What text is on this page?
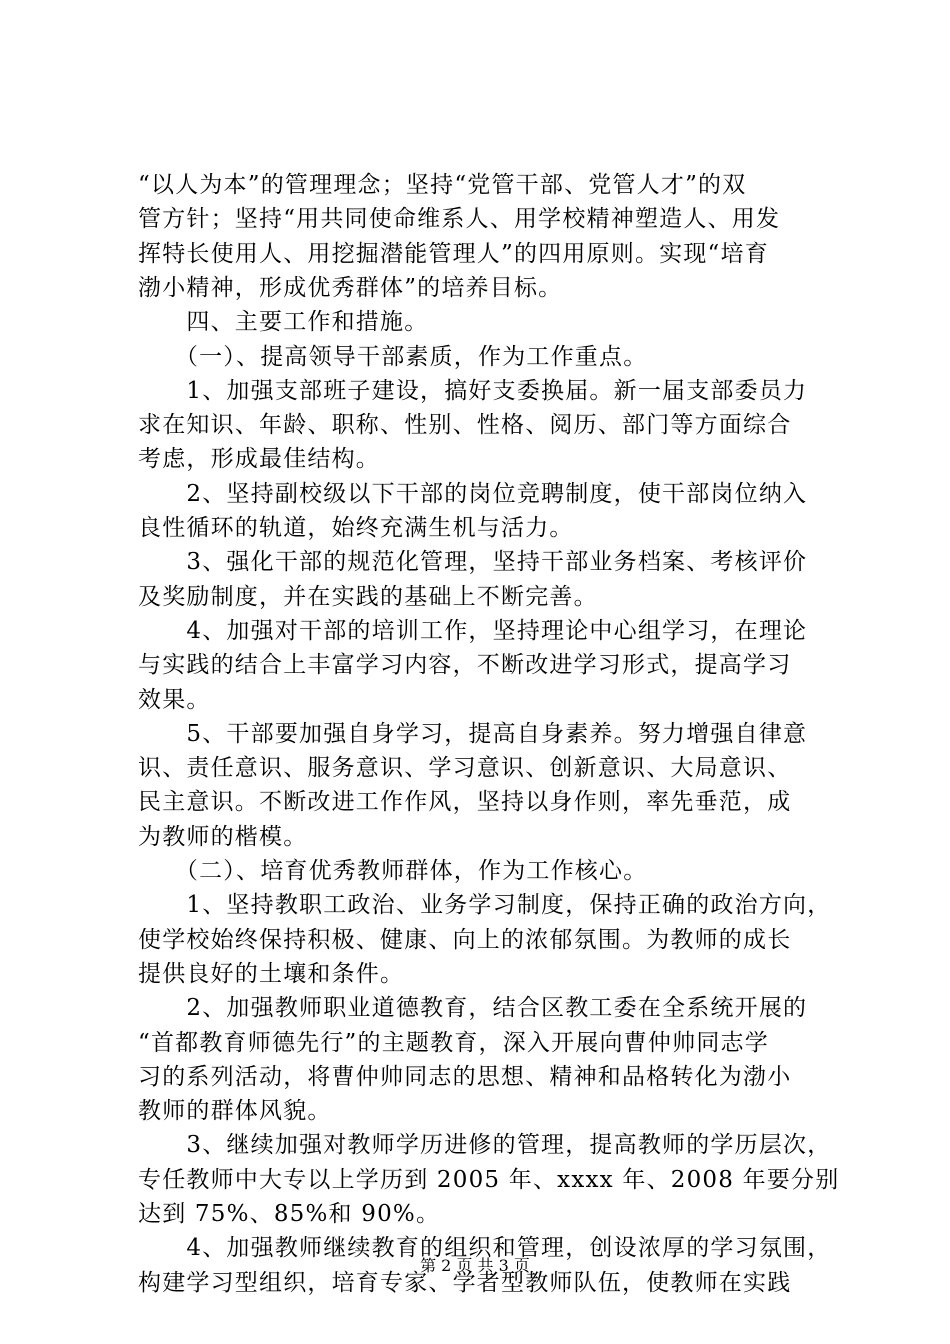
“以人为本”的管理理念；坚持“党管干部、党管人才”的双
管方针；坚持“用共同使命维系人、用学校精神塑造人、用发
挥特长使用人、用挖掘潜能管理人”的四用原则。实现“培育
渤小精神，形成优秀群体”的培养目标。
　　四、主要工作和措施。
　　（一）、提高领导干部素质，作为工作重点。
　　1、加强支部班子建设，搞好支委换届。新一届支部委员力
求在知识、年龄、职称、性别、性格、阅历、部门等方面综合
考虑，形成最佳结构。
　　2、坚持副校级以下干部的岗位竞聘制度，使干部岗位纳入
良性循环的轨道，始终充满生机与活力。
　　3、强化干部的规范化管理，坚持干部业务档案、考核评价
及奖励制度，并在实践的基础上不断完善。
　　4、加强对干部的培训工作，坚持理论中心组学习，在理论
与实践的结合上丰富学习内容，不断改进学习形式，提高学习
效果。
　　5、干部要加强自身学习，提高自身素养。努力增强自律意
识、责任意识、服务意识、学习意识、创新意识、大局意识、
民主意识。不断改进工作作风，坚持以身作则，率先垂范，成
为教师的楷模。
　　（二）、培育优秀教师群体，作为工作核心。
　　1、坚持教职工政治、业务学习制度，保持正确的政治方向，
使学校始终保持积极、健康、向上的浓郁氛围。为教师的成长
提供良好的土壤和条件。
　　2、加强教师职业道德教育，结合区教工委在全系统开展的
“首都教育师德先行”的主题教育，深入开展向曹仲帅同志学
习的系列活动，将曹仲帅同志的思想、精神和品格转化为渤小
教师的群体风貌。
　　3、继续加强对教师学历进修的管理，提高教师的学历层次，
专任教师中大专以上学历到 2005 年、xxxx 年、2008 年要分别
达到 75%、85%和 90%。
　　4、加强教师继续教育的组织和管理，创设浓厚的学习氛围，
构建学习型组织，培育专家、学者型教师队伍，使教师在实践
第 2 页 共 3 页
